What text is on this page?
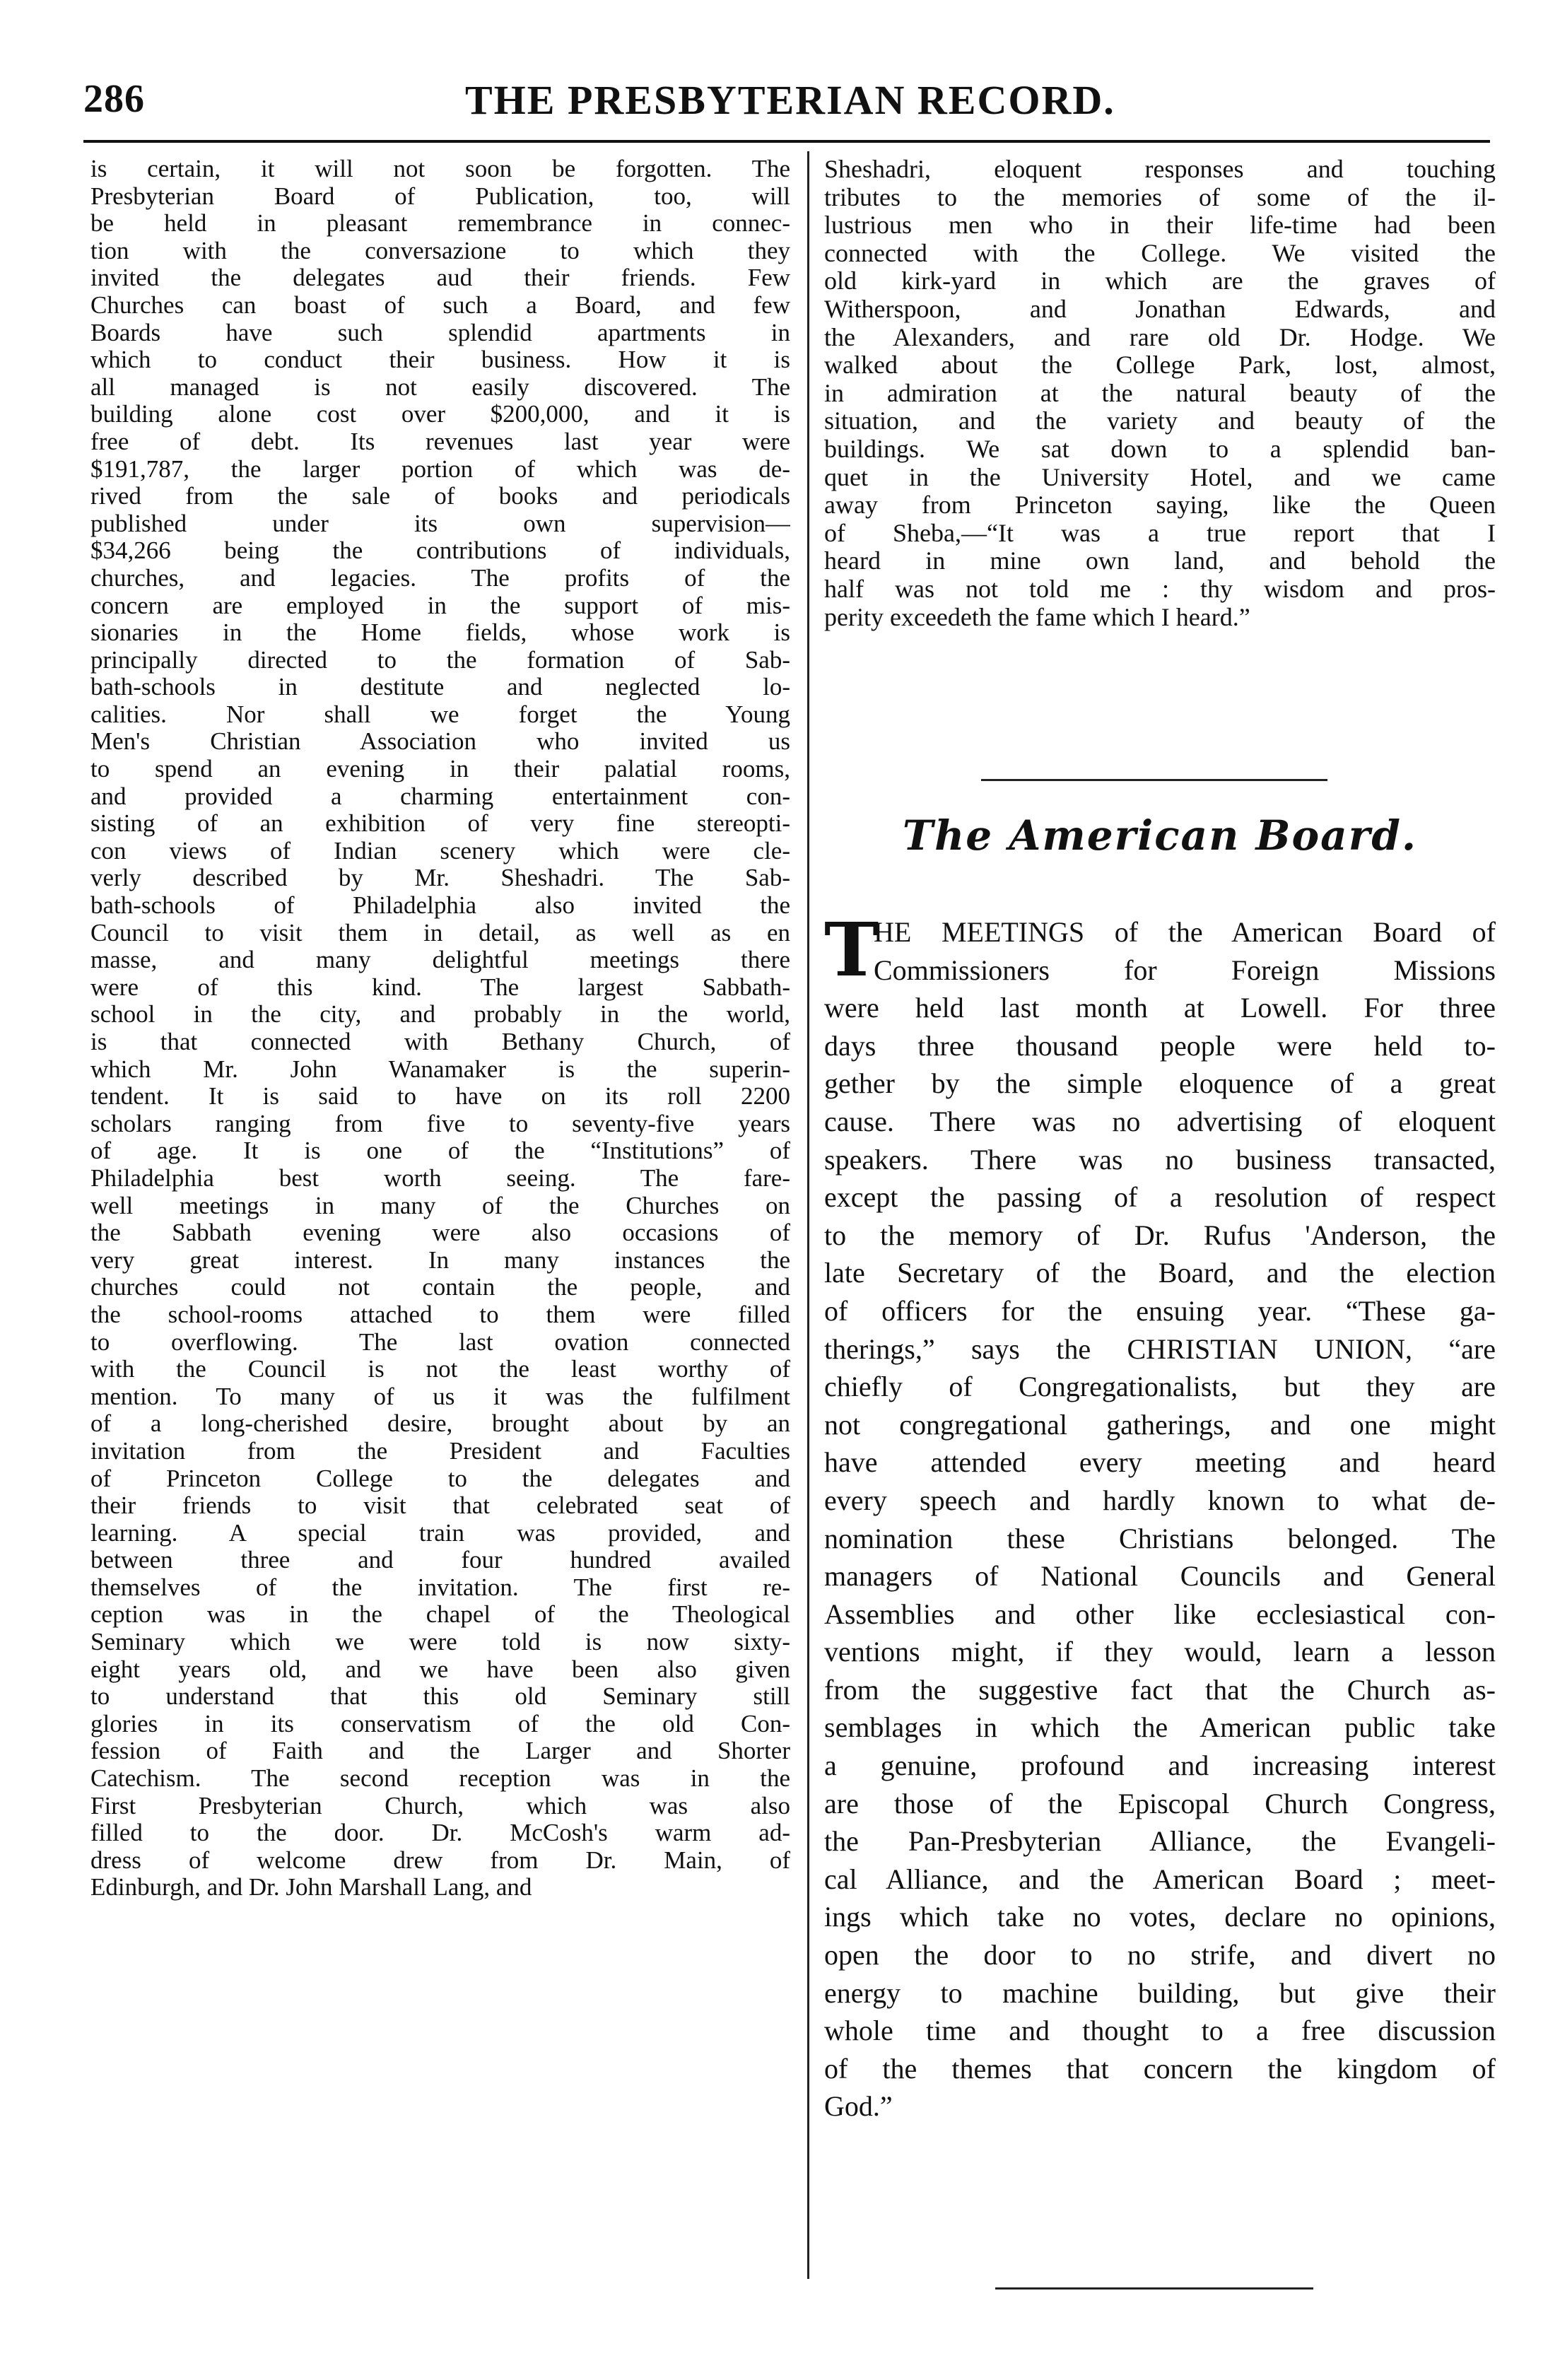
286	THE PRESBYTERIAN RECORD.
is certain, it will not soon be forgotten. The
Presbyterian Board of Publication, too, will
be held in pleasant remembrance in connec-
tion with the conversazione to which they
invited the delegates aud their friends. Few
Churches can boast of such a Board, and few
Boards have such splendid apartments in
which to conduct their business. How it is
all managed is not easily discovered. The
building alone cost over $200,000, and it is
free of debt. Its revenues last year were
$191,787, the larger portion of which was de-
rived from the sale of books and periodicals
published under its own supervision—
$34,266 being the contributions of individuals,
churches, and legacies. The profits of the
concern are employed in the support of mis-
sionaries in the Home fields, whose work is
principally directed to the formation of Sab-
bath-schools in destitute and neglected lo-
calities. Nor shall we forget the Young
Men's Christian Association who invited us
to spend an evening in their palatial rooms,
and provided a charming entertainment con-
sisting of an exhibition of very fine stereopti-
con views of Indian scenery which were cle-
verly described by Mr. Sheshadri. The Sab-
bath-schools of Philadelphia also invited the
Council to visit them in detail, as well as en
masse, and many delightful meetings there
were of this kind. The largest Sabbath-
school in the city, and probably in the world,
is that connected with Bethany Church, of
which Mr. John Wanamaker is the superin-
tendent. It is said to have on its roll 2200
scholars ranging from five to seventy-five years
of age. It is one of the “Institutions” of
Philadelphia best worth seeing. The fare-
well meetings in many of the Churches on
the Sabbath evening were also occasions of
very great interest. In many instances the
churches could not contain the people, and
the school-rooms attached to them were filled
to overflowing. The last ovation connected
with the Council is not the least worthy of
mention. To many of us it was the fulfilment
of a long-cherished desire, brought about by an
invitation from the President and Faculties
of Princeton College to the delegates and
their friends to visit that celebrated seat of
learning. A special train was provided, and
between three and four hundred availed
themselves of the invitation. The first re-
ception was in the chapel of the Theological
Seminary which we were told is now sixty-
eight years old, and we have been also given
to understand that this old Seminary still
glories in its conservatism of the old Con-
fession of Faith and the Larger and Shorter
Catechism. The second reception was in the
First Presbyterian Church, which was also
filled to the door. Dr. McCosh's warm ad-
dress of welcome drew from Dr. Main, of
Edinburgh, and Dr. John Marshall Lang, and
Sheshadri, eloquent responses and touching
tributes to the memories of some of the il-
lustrious men who in their life-time had been
connected with the College. We visited the
old kirk-yard in which are the graves of
Witherspoon, and Jonathan Edwards, and
the Alexanders, and rare old Dr. Hodge. We
walked about the College Park, lost, almost,
in admiration at the natural beauty of the
situation, and the variety and beauty of the
buildings. We sat down to a splendid ban-
quet in the University Hotel, and we came
away from Princeton saying, like the Queen
of Sheba,—“It was a true report that I
heard in mine own land, and behold the
half was not told me : thy wisdom and pros-
perity exceedeth the fame which I heard.”
The American Board.
T
HE MEETINGS of the American Board of
Commissioners for Foreign Missions
were held last month at Lowell. For three
days three thousand people were held to-
gether by the simple eloquence of a great
cause. There was no advertising of eloquent
speakers. There was no business transacted,
except the passing of a resolution of respect
to the memory of Dr. Rufus 'Anderson, the
late Secretary of the Board, and the election
of officers for the ensuing year. “These ga-
therings,” says the CHRISTIAN UNION, “are
chiefly of Congregationalists, but they are
not congregational gatherings, and one might
have attended every meeting and heard
every speech and hardly known to what de-
nomination these Christians belonged. The
managers of National Councils and General
Assemblies and other like ecclesiastical con-
ventions might, if they would, learn a lesson
from the suggestive fact that the Church as-
semblages in which the American public take
a genuine, profound and increasing interest
are those of the Episcopal Church Congress,
the Pan-Presbyterian Alliance, the Evangeli-
cal Alliance, and the American Board ; meet-
ings which take no votes, declare no opinions,
open the door to no strife, and divert no
energy to machine building, but give their
whole time and thought to a free discussion
of the themes that concern the kingdom of
God.”
